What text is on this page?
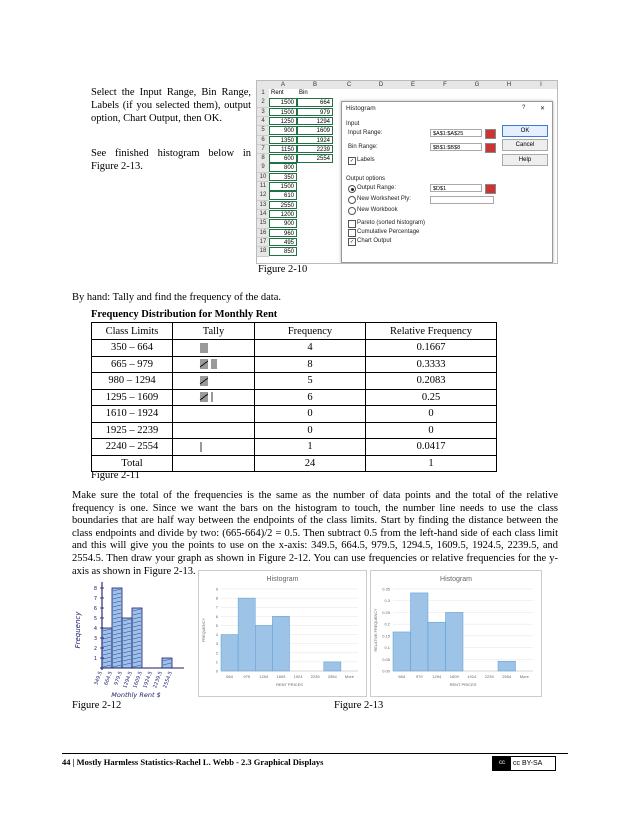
Select the Input Range, Bin Range, Labels (if you selected them), output option, Chart Output, then OK.
See finished histogram below in Figure 2-13.
A	B	C	D	E	F	G	H	I
1	Rent	Bin
2	1500	664
3	1500	979
4	1250	1294
5	900	1609
6	1350	1924
7	1150	2239
8	600	2554
9	800
10	350
11	1500
12	610
13	2550
14	1200
15	900
16	960
17	495
18	850
Histogram	? ✕
Input
Input Range:	$A$1:$A$25
Bin Range:	$B$1:$B$8
✓ Labels
Output options
Output Range:	$D$1
New Worksheet Ply:
New Workbook
Pareto (sorted histogram)
Cumulative Percentage
✓ Chart Output
OK
Cancel
Help
Figure 2-10
By hand: Tally and find the frequency of the data.
Frequency Distribution for Monthly Rent
Class Limits	Tally	Frequency	Relative Frequency
350 – 664		4	0.1667
665 – 979		8	0.3333
980 – 1294		5	0.2083
1295 – 1609		6	0.25
1610 – 1924		0	0
1925 – 2239		0	0
2240 – 2554		1	0.0417
Total		24	1
Figure 2-11
Make sure the total of the frequencies is the same as the number of data points and the total of the relative frequency is one. Since we want the bars on the histogram to touch, the number line needs to use the class boundaries that are half way between the endpoints of the class limits. Start by finding the distance between the class endpoints and divide by two: (665-664)/2 = 0.5. Then subtract 0.5 from the left-hand side of each class limit and this will give you the points to use on the x-axis: 349.5, 664.5, 979.5, 1294.5, 1609.5, 1924.5, 2239.5, and 2554.5. Then draw your graph as shown in Figure 2-12. You can use frequencies or relative frequencies for the y-axis as shown in Figure 2-13.
1
2
3
4
5
6
7
8
349.5 664.5 979.5
1294.5
1609.5
1924.5
2239.5
2554.5
Frequency
Monthly Rent $
Figure 2-12
Histogram
0
1
2
3
4
5
6
7
8
9
664	979 1294 1609 1924 2239 2554 More
RENT PRICES
FREQUENCY
Histogram
0.00
0.05
0.1
0.15
0.2
0.25
0.3
0.35
664	979 1294 1609 1924 2239 2554 More
RENT PRICES
RELATIVE FREQUENCY
Figure 2-13
44 | Mostly Harmless Statistics-Rachel L. Webb - 2.3 Graphical Displays	cc	cc BY-SA
